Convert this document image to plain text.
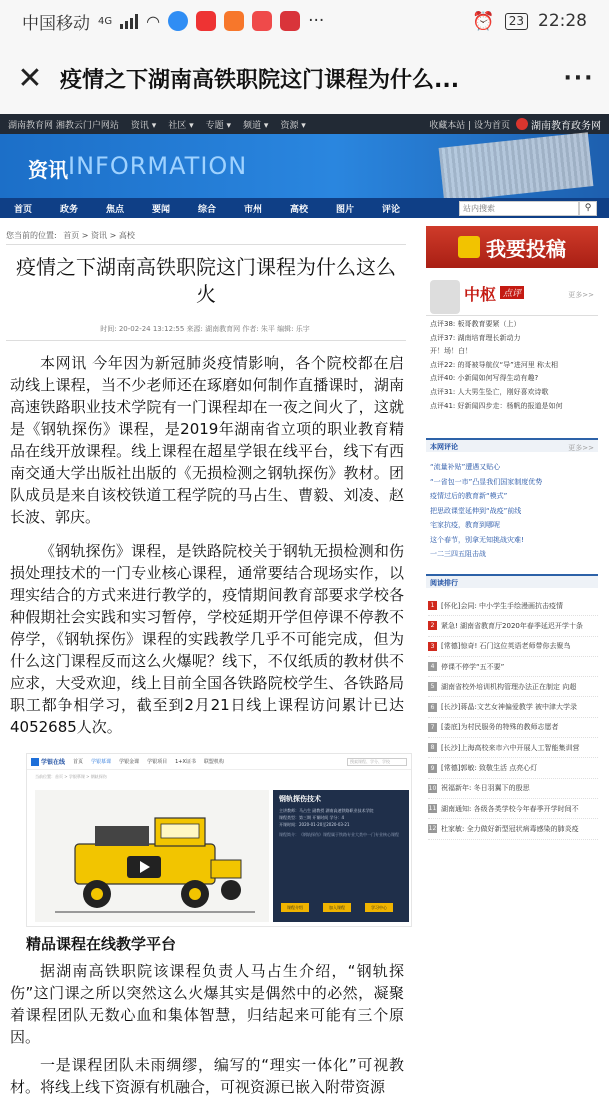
中国移动 4G ◠	···	⏰	23 22:28
✕ 疫情之下湖南高铁职院这门课程为什么...	···
湖南教育网 湘教云门户网站 资讯 ▾ 社区 ▾ 专题 ▾ 频道 ▾ 资源 ▾	收藏本站 | 设为首页 湖南教育政务网
资讯 INFORMATION
首页	政务	焦点	要闻	综合	市州	高校	图片	评论
站内搜索	⚲
您当前的位置: 首页 > 资讯 > 高校
疫情之下湖南高铁职院这门课程为什么这么火
时间: 20-02-24 13:12:55 来源: 湖南教育网 作者: 朱平 编辑: 乐宇
本网讯 今年因为新冠肺炎疫情影响，各个院校都在启动线上课程，当不少老师还在琢磨如何制作直播课时，湖南高速铁路职业技术学院有一门课程却在一夜之间火了，这就是《钢轨探伤》课程，是2019年湖南省立项的职业教育精品在线开放课程。线上课程在超星学银在线平台，线下有西南交通大学出版社出版的《无损检测之钢轨探伤》教材。团队成员是来自该校铁道工程学院的马占生、曹毅、刘凌、赵长波、郭庆。
《钢轨探伤》课程，是铁路院校关于钢轨无损检测和伤损处理技术的一门专业核心课程，通常要结合现场实作，以理实结合的方式来进行教学的，疫情期间教育部要求学校各种假期社会实践和实习暂停，学校延期开学但停课不停教不停学，《钢轨探伤》课程的实践教学几乎不可能完成，但为什么这门课程反而这么火爆呢？线下，不仅纸质的教材供不应求，大受欢迎，线上目前全国各铁路院校学生、各铁路局职工都争相学习，截至到2月21日线上课程访问累计已达4052685人次。
学银在线 首页 学银慕课 学银金课 学银项目 1+X证书 联盟机构	搜索课程、学分、学校
当前位置：首页 > 学银慕课 > 钢轨探伤
钢轨探伤技术
主讲教师：马占生 副教授 湖南高速铁路职业技术学院
课程类型：第三期 开课时间 学分：4
开课时间：2020-01-20至2020-03-21
课程简介：《钢轨探伤》课程属于铁路专业大类中一门专业核心课程
课程介绍	加入课程	学习中心
精品课程在线教学平台
据湖南高铁职院该课程负责人马占生介绍，“钢轨探伤”这门课之所以突然这么火爆其实是偶然中的必然，凝聚着课程团队无数心血和集体智慧，归结起来可能有三个原因。
一是课程团队未雨绸缪，编写的“理实一体化”可视教材。将线上线下资源有机融合，可视资源已嵌入附带资源
我要投稿
中枢 点评	更多>>
点评38: 板哥教育要紧（上）
点评37: 湖南培育理长新动力
开！场！白！
点评22: 的哥被导航仪“导”进河里 称太相
点评40: 小新闻如何写得生动有趣?
点评31: 人大男生坠亡，刚好喜欢诗歌
点评41: 好新闻四步走：杨帆的报道是如何
本网评论	更多>>
“流量补贴”遭遇又贴心
“一省包一市”凸显我们国家制度优势
疫情过后的教育新“模式”
把思政课堂延伸到“战疫”前线
宅家抗疫，教育到哪呢
这个春节，别拿无知挑战灾难!
一二三四五阻击战
阅读排行
1 [怀化]会同: 中小学生手绘漫画抗击疫情
2 紧急! 湖南省教育厅2020年春季延迟开学十条
3 [常德]惊奇! 石门这位英语老师带你去聚鸟
4 停课不停学“五不要”
5 湖南省校外培训机构管理办法正在制定 向超
6 [长沙]蒋晶:文艺女神偏爱教学 被中津大学录
7 [娄底]为村民服务的特殊的教师志愿者
8 [长沙]上海高校来市六中开展人工智能集训营
9 [常德]郭敏: 致敬生活 点亮心灯
10 祝福新年: 冬日羽翼下的殷思
11 湖南通知: 各级各类学校今年春季开学时间不
12 杜家敏: 全力做好新型冠状病毒感染的肺炎疫
